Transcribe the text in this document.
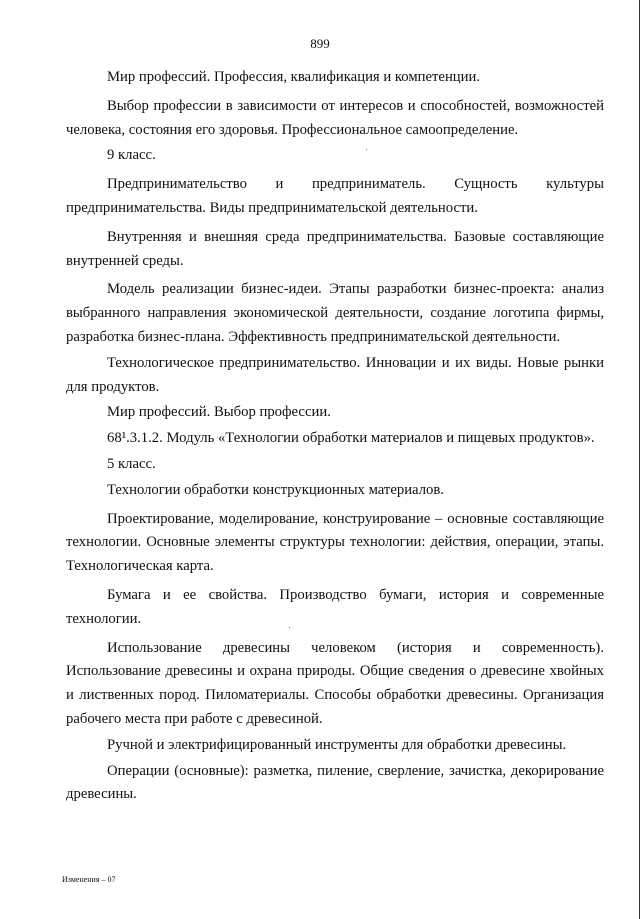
899

Мир профессий. Профессия, квалификация и компетенции.

Выбор профессии в зависимости от интересов и способностей, возможностей человека, состояния его здоровья. Профессиональное самоопределение.

9 класс.

Предпринимательство и предприниматель. Сущность культуры предпринимательства. Виды предпринимательской деятельности.

Внутренняя и внешняя среда предпринимательства. Базовые составляющие внутренней среды.

Модель реализации бизнес-идеи. Этапы разработки бизнес-проекта: анализ выбранного направления экономической деятельности, создание логотипа фирмы, разработка бизнес-плана. Эффективность предпринимательской деятельности.

Технологическое предпринимательство. Инновации и их виды. Новые рынки для продуктов.

Мир профессий. Выбор профессии.

68¹.3.1.2. Модуль «Технологии обработки материалов и пищевых продуктов».

5 класс.

Технологии обработки конструкционных материалов.

Проектирование, моделирование, конструирование – основные составляющие технологии. Основные элементы структуры технологии: действия, операции, этапы. Технологическая карта.

Бумага и ее свойства. Производство бумаги, история и современные технологии.

Использование древесины человеком (история и современность). Использование древесины и охрана природы. Общие сведения о древесине хвойных и лиственных пород. Пиломатериалы. Способы обработки древесины. Организация рабочего места при работе с древесиной.

Ручной и электрифицированный инструменты для обработки древесины.

Операции (основные): разметка, пиление, сверление, зачистка, декорирование древесины.

Изменения – 07
